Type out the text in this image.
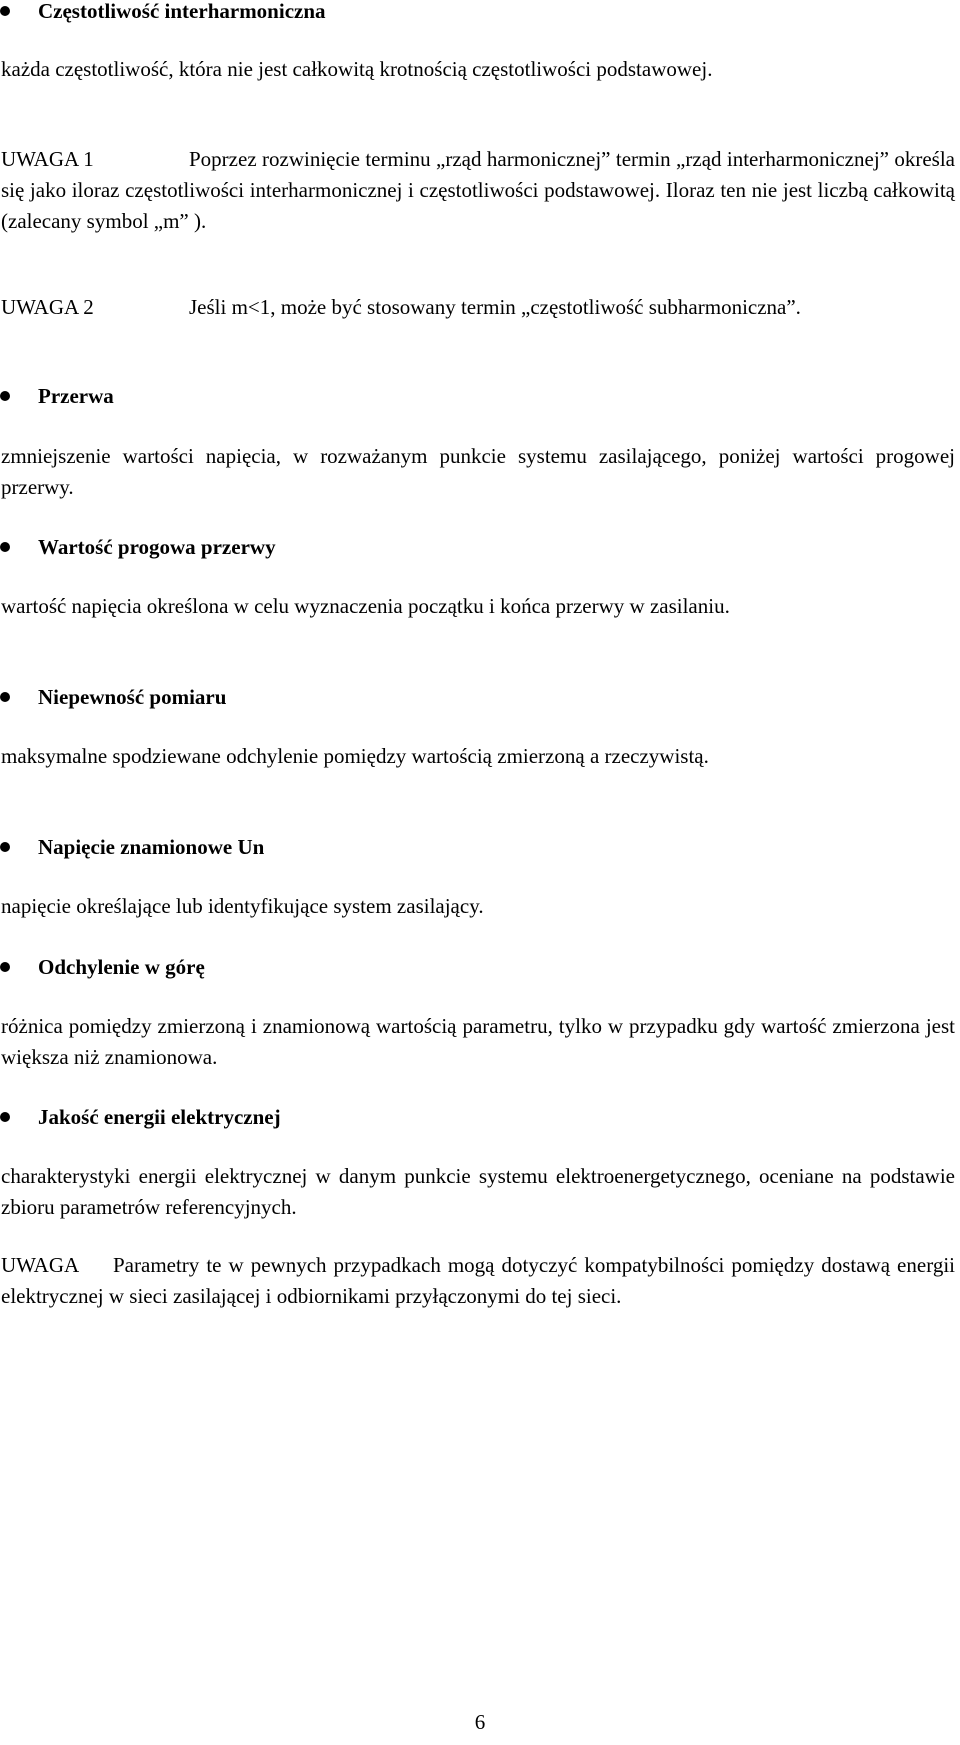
Częstotliwość interharmoniczna
każda częstotliwość, która nie jest całkowitą krotnością częstotliwości podstawowej.
UWAGA 1	Poprzez rozwinięcie terminu „rząd harmonicznej” termin „rząd interharmonicznej” określa się jako iloraz częstotliwości interharmonicznej i częstotliwości podstawowej. Iloraz ten nie jest liczbą całkowitą (zalecany symbol „m” ).

UWAGA 2	Jeśli m<1, może być stosowany termin „częstotliwość subharmoniczna”.

Przerwa
zmniejszenie wartości napięcia, w rozważanym punkcie systemu zasilającego, poniżej wartości progowej przerwy.
Wartość progowa przerwy
wartość napięcia określona w celu wyznaczenia początku i końca przerwy w zasilaniu.
Niepewność pomiaru
maksymalne spodziewane odchylenie pomiędzy wartością zmierzoną a rzeczywistą.
Napięcie znamionowe Un
napięcie określające lub identyfikujące system zasilający.
Odchylenie w górę
różnica pomiędzy zmierzoną i znamionową wartością parametru, tylko w przypadku gdy wartość zmierzona jest większa niż znamionowa.
Jakość energii elektrycznej
charakterystyki energii elektrycznej w danym punkcie systemu elektroenergetycznego, oceniane na podstawie zbioru parametrów referencyjnych.
UWAGA	Parametry te w pewnych przypadkach mogą dotyczyć kompatybilności pomiędzy dostawą energii elektrycznej w sieci zasilającej i odbiornikami przyłączonymi do tej sieci.

6
